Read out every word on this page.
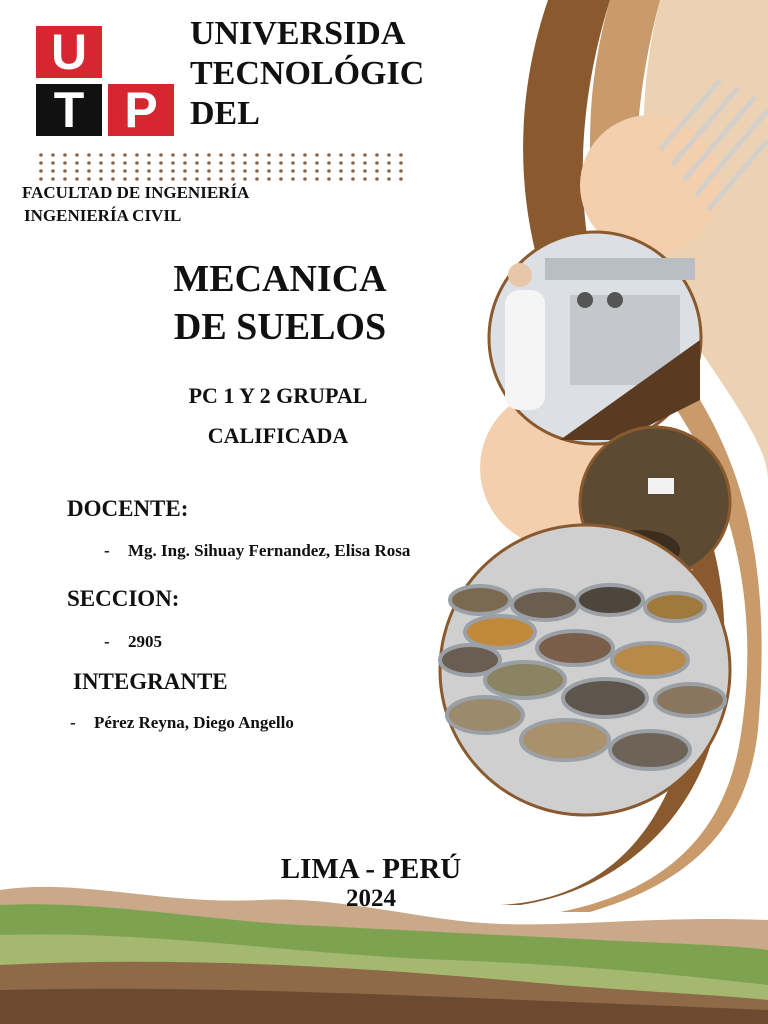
U
T P
UNIVERSIDA
TECNOLÓGIC
DEL
FACULTAD DE INGENIERÍA
INGENIERÍA CIVIL
MECANICA
DE SUELOS
PC 1 Y 2 GRUPAL
CALIFICADA
DOCENTE:
- Mg. Ing. Sihuay Fernandez, Elisa Rosa
SECCION:
- 2905
INTEGRANTE
- Pérez Reyna, Diego Angello
LIMA - PERÚ
2024
